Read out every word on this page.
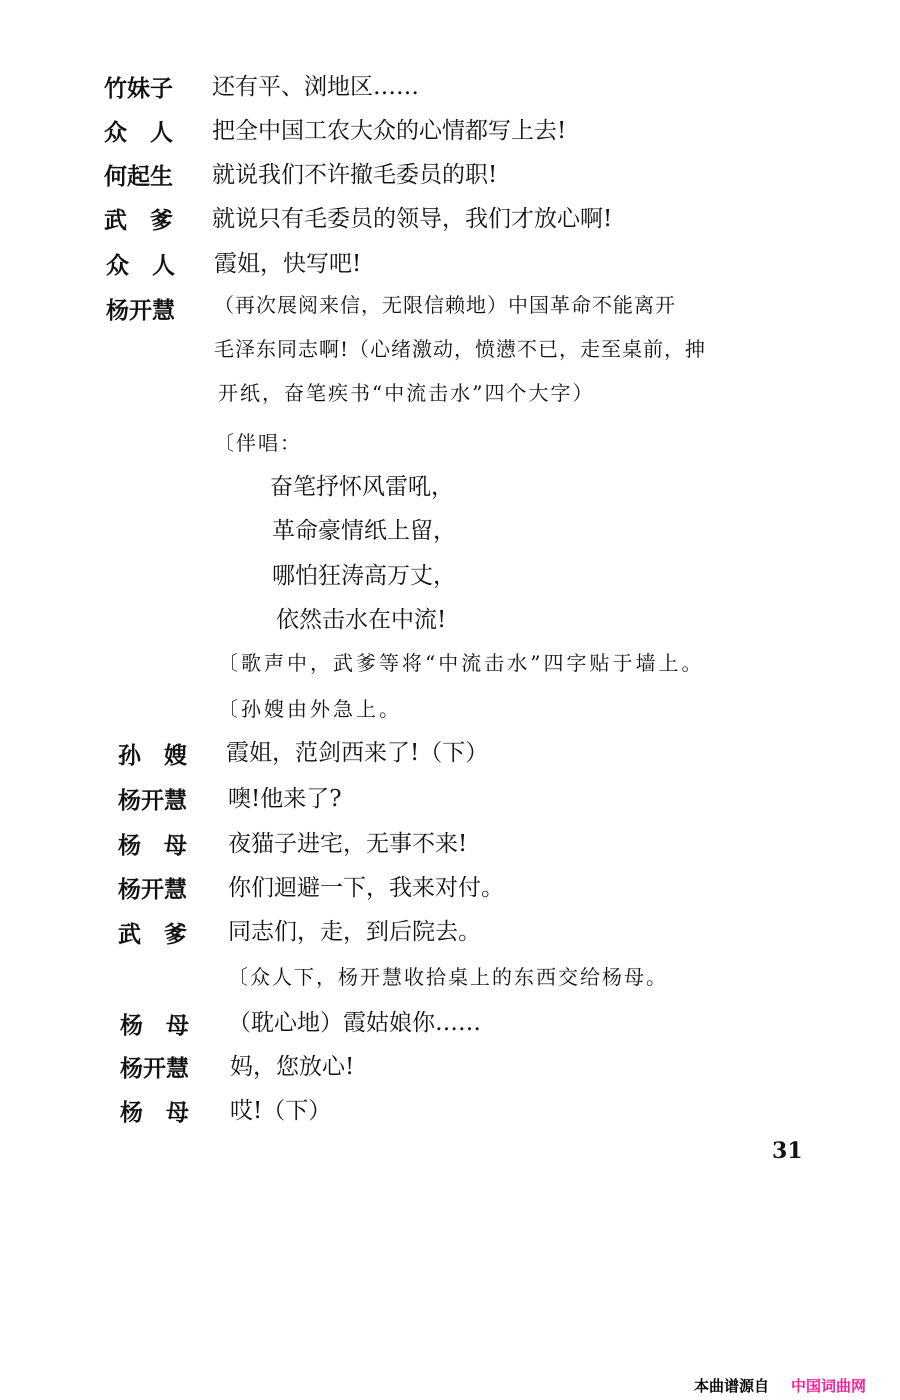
竹妹子 还有平、浏地区……
众　人 把全中国工农大众的心情都写上去!
何起生 就说我们不许撤毛委员的职!
武　爹 就说只有毛委员的领导，我们才放心啊!
众　人 霞姐，快写吧!
杨开慧 （再次展阅来信，无限信赖地）中国革命不能离开
毛泽东同志啊!（心绪激动，愤懑不已，走至桌前，抻
开纸，奋笔疾书“中流击水”四个大字）
〔伴唱：
奋笔抒怀风雷吼，
革命豪情纸上留，
哪怕狂涛高万丈，
依然击水在中流!
〔歌声中，武爹等将“中流击水”四字贴于墙上。
〔孙嫂由外急上。
孙　嫂 霞姐，范剑西来了!（下）
杨开慧 噢!他来了?
杨　母 夜猫子进宅，无事不来!
杨开慧 你们迴避一下，我来对付。
武　爹 同志们，走，到后院去。
〔众人下，杨开慧收拾桌上的东西交给杨母。
杨　母 （耽心地）霞姑娘你……
杨开慧 妈，您放心!
杨　母 哎!（下）
31
本曲谱源自 中国词曲网
